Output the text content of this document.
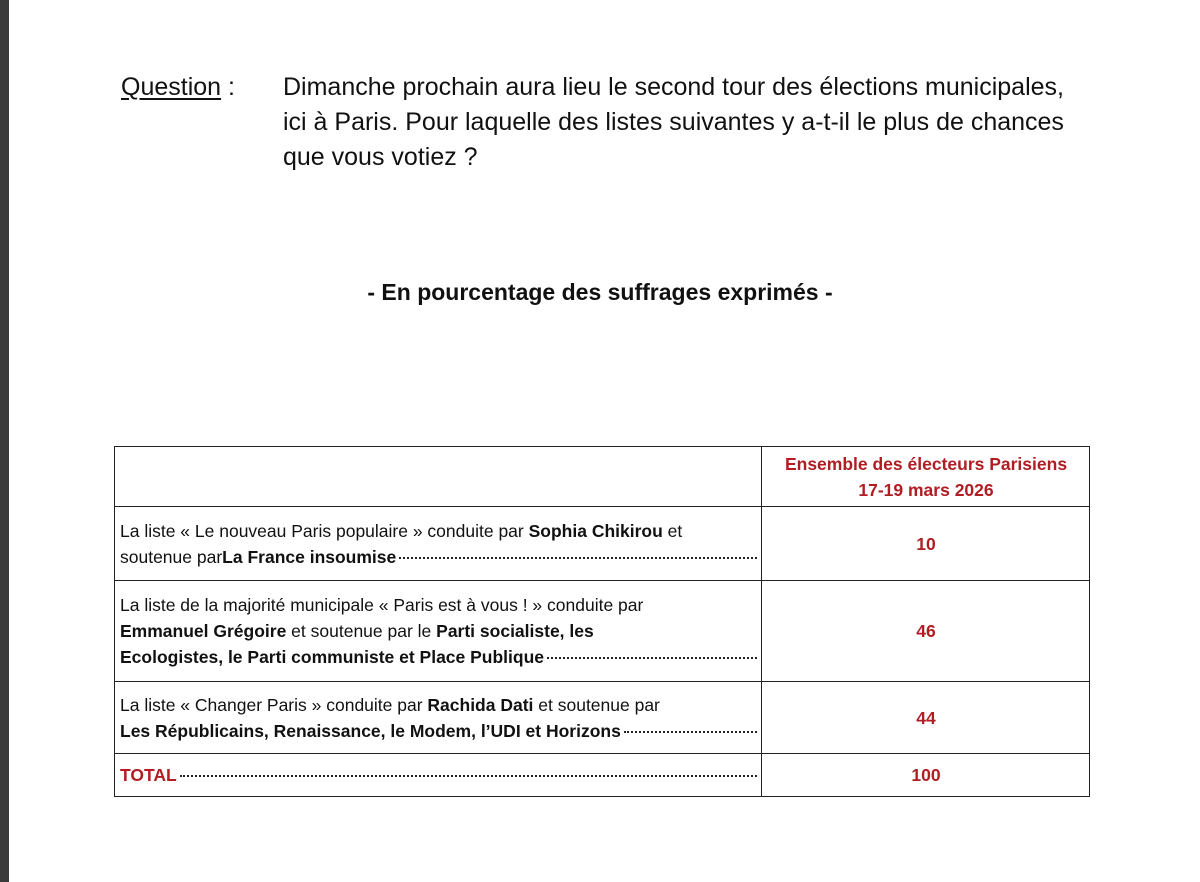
Question : Dimanche prochain aura lieu le second tour des élections municipales,
ici à Paris. Pour laquelle des listes suivantes y a-t-il le plus de chances
que vous votiez ?
- En pourcentage des suffrages exprimés -

	Ensemble des électeurs Parisiens
17-19 mars 2026

La liste « Le nouveau Paris populaire » conduite par Sophia Chikirou et
soutenue par La France insoumise	10

La liste de la majorité municipale « Paris est à vous ! » conduite par
Emmanuel Grégoire et soutenue par le Parti socialiste, les
Ecologistes, le Parti communiste et Place Publique	46

La liste « Changer Paris » conduite par Rachida Dati et soutenue par
Les Républicains, Renaissance, le Modem, l’UDI et Horizons	44

TOTAL	100
